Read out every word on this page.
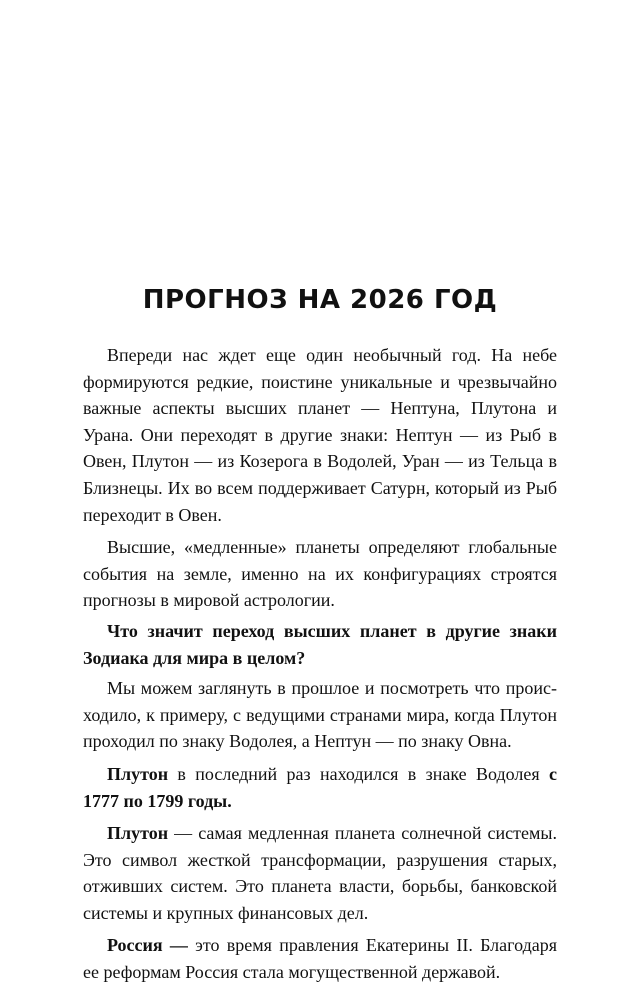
ПРОГНОЗ НА 2026 ГОД

Впереди нас ждет еще один необычный год. На небе формируются редкие, поистине уникальные и чрезвычайно важные аспекты высших планет — Нептуна, Плутона и Урана. Они переходят в другие знаки: Нептун — из Рыб в Овен, Плутон — из Козерога в Водолей, Уран — из Тельца в Близнецы. Их во всем поддерживает Сатурн, который из Рыб переходит в Овен.

Высшие, «медленные» планеты определяют глобальные события на земле, именно на их конфигурациях строятся прогнозы в мировой астрологии.

Что значит переход высших планет в другие знаки Зодиака для мира в целом?

Мы можем заглянуть в прошлое и посмотреть что происходило, к примеру, с ведущими странами мира, когда Плутон проходил по знаку Водолея, а Нептун — по знаку Овна.

Плутон в последний раз находился в знаке Водолея с 1777 по 1799 годы.

Плутон — самая медленная планета солнечной системы. Это символ жесткой трансформации, разрушения старых, отживших систем. Это планета власти, борьбы, банковской системы и крупных финансовых дел.

Россия — это время правления Екатерины II. Благодаря ее реформам Россия стала могущественной державой.
